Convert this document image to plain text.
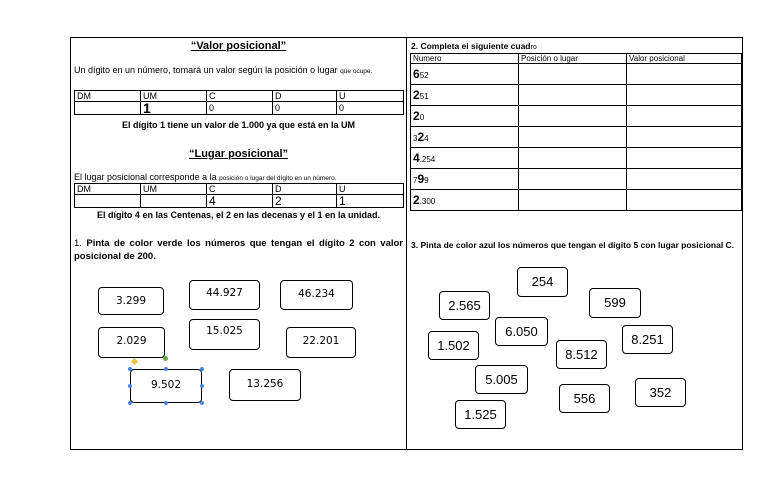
“Valor posicional”
Un dígito en un número, tomará un valor según la posición o lugar que ocupe.
DM	UM	C	D	U
	1	0	0	0
El dígito 1 tiene un valor de 1.000 ya que está en la UM
“Lugar posicional”
El lugar posicional corresponde a la posición o lugar del dígito en un número.
DM	UM	C	D	U
		4	2	1
El dígito 4 en las Centenas, el 2 en las decenas y el 1 en la unidad.
1. Pinta de color verde los números que tengan el dígito 2 con valor posicional de 200.
3.299
44.927	46.234
2.029
15.025
22.201
9.502	13.256
2. Completa el siguiente cuadro
Numero	Posición o lugar	Valor posicional
652		
251		
20		
324		
4.254		
799		
2.300		
3. Pinta de color azul los números que tengan el dígito 5 con lugar posicional C.
254
2.565	599
6.050
1.502	8.251
8.512
5.005
556	352
1.525
